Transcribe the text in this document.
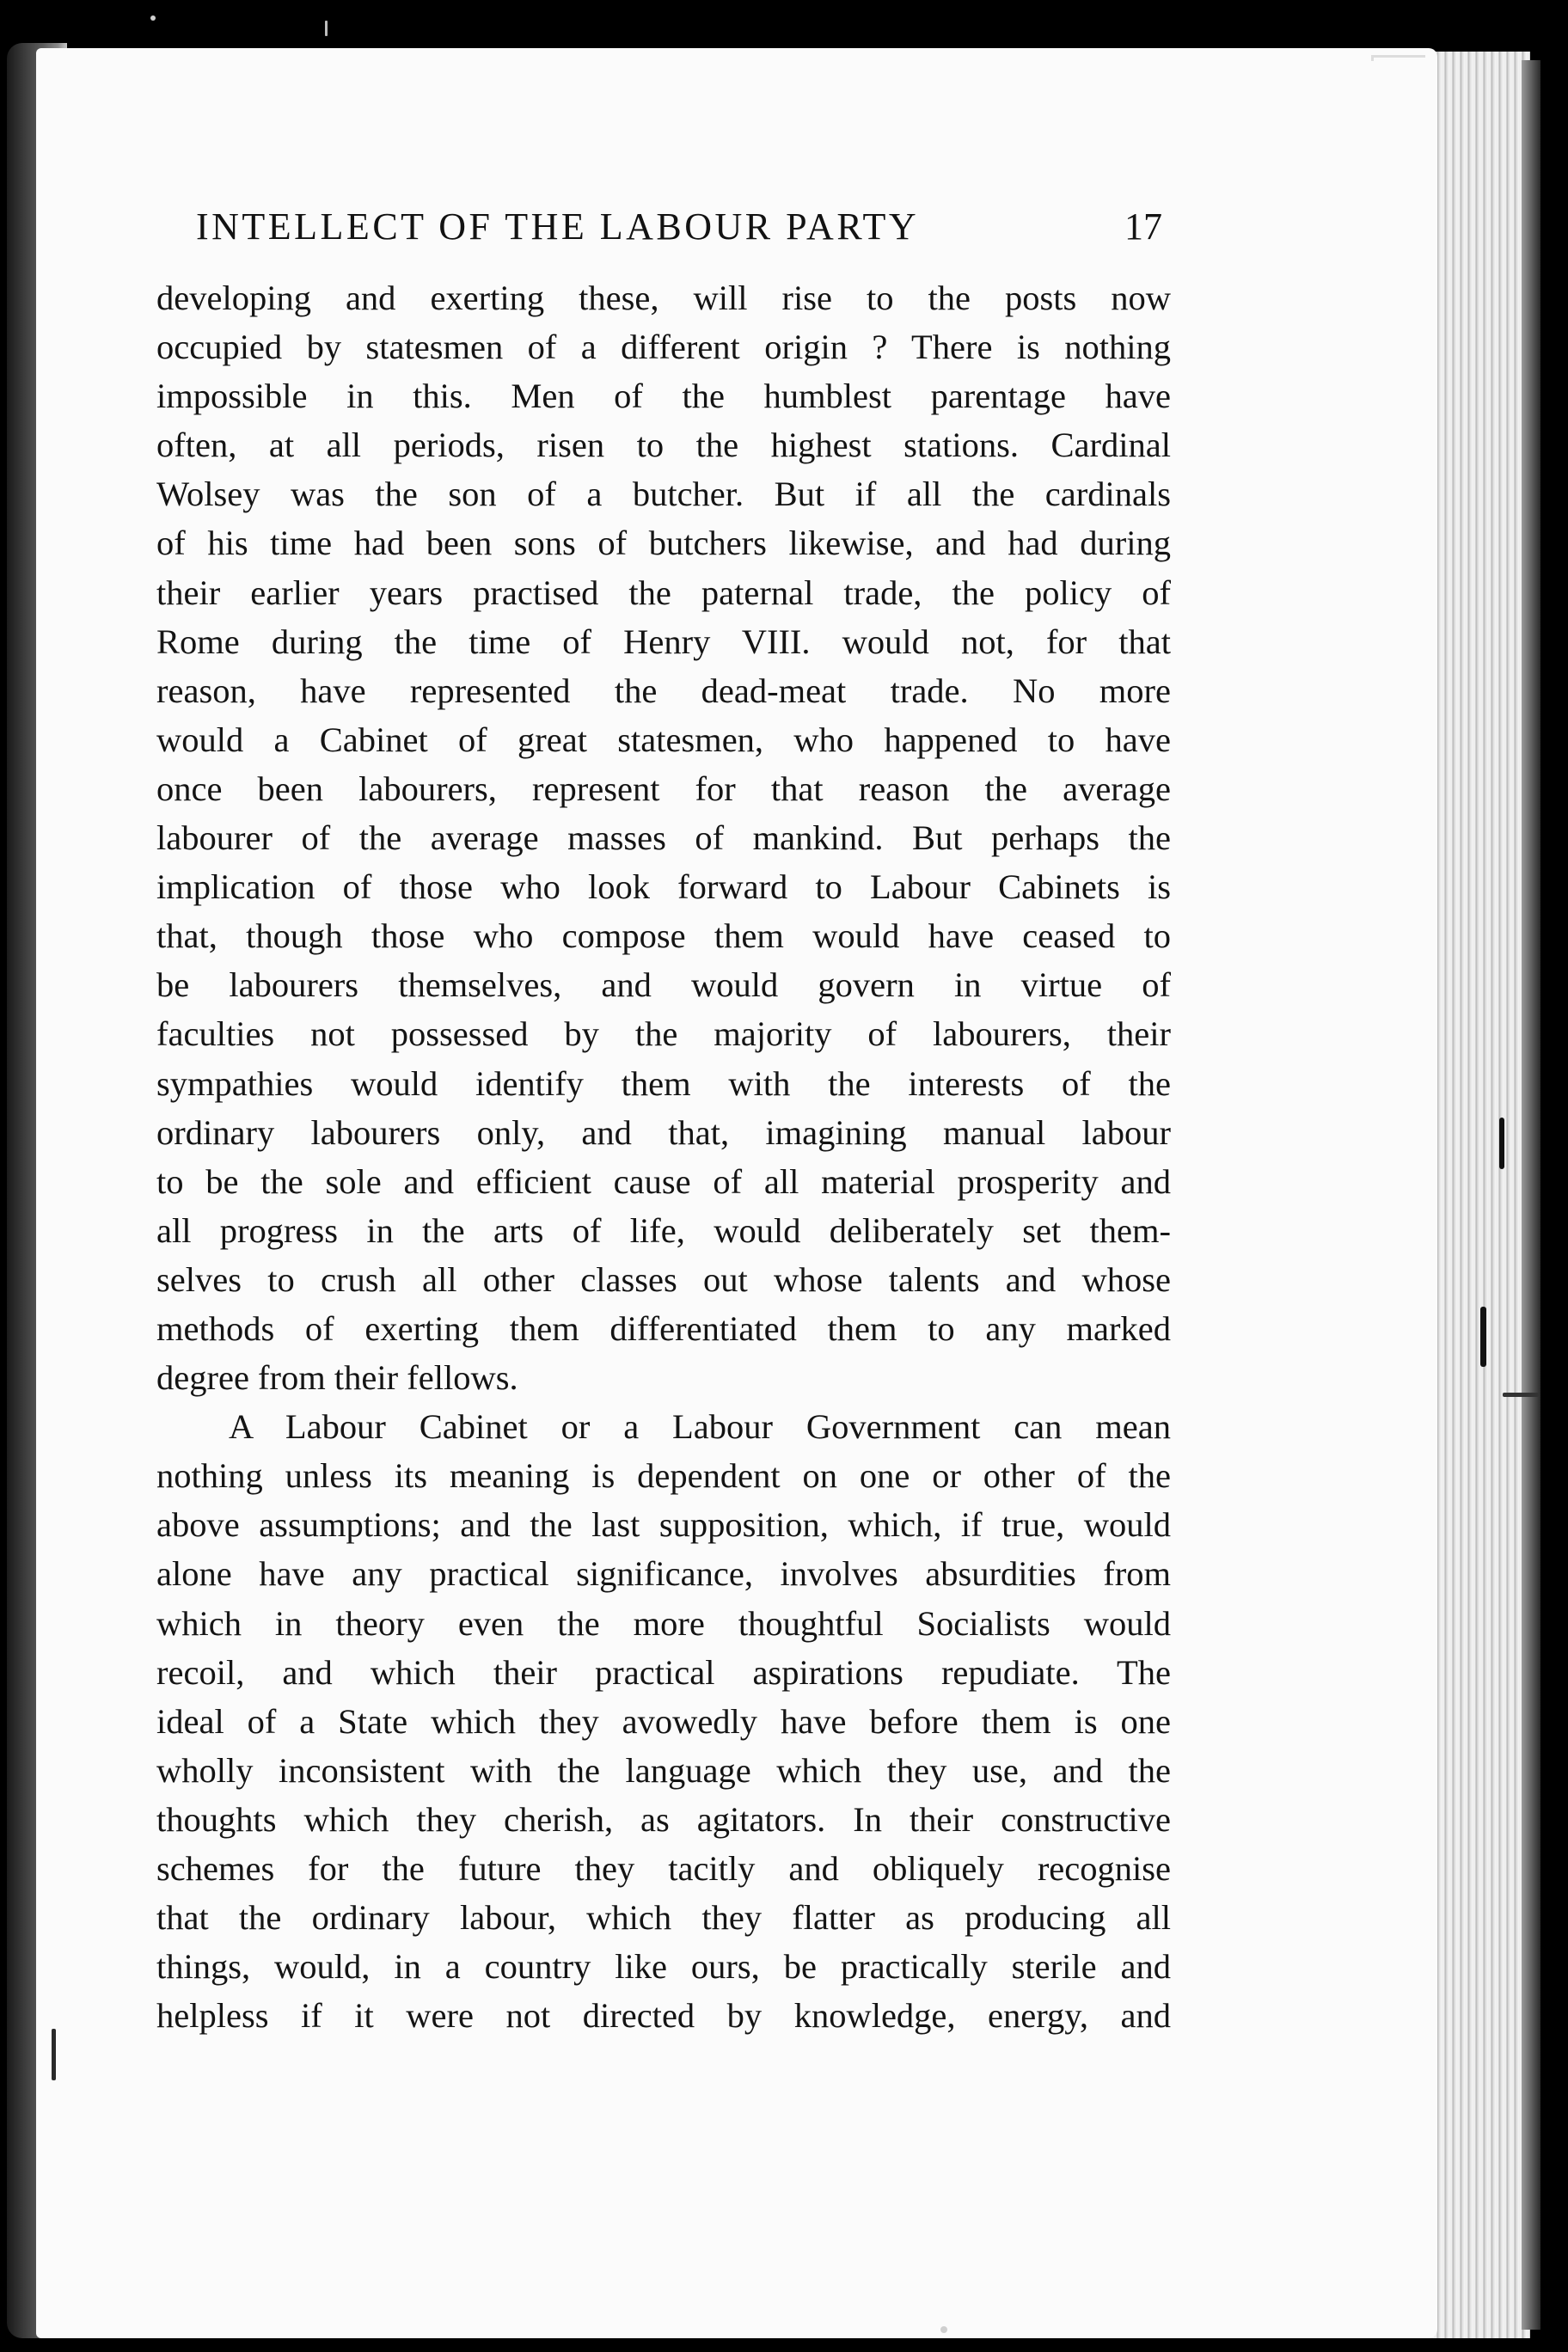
INTELLECT OF THE LABOUR PARTY	17
developing and exerting these, will rise to the posts now
occupied by statesmen of a different origin ? There is nothing
impossible in this. Men of the humblest parentage have
often, at all periods, risen to the highest stations. Cardinal
Wolsey was the son of a butcher. But if all the cardinals
of his time had been sons of butchers likewise, and had during
their earlier years practised the paternal trade, the policy of
Rome during the time of Henry VIII. would not, for that
reason, have represented the dead-meat trade. No more
would a Cabinet of great statesmen, who happened to have
once been labourers, represent for that reason the average
labourer of the average masses of mankind. But perhaps the
implication of those who look forward to Labour Cabinets is
that, though those who compose them would have ceased to
be labourers themselves, and would govern in virtue of
faculties not possessed by the majority of labourers, their
sympathies would identify them with the interests of the
ordinary labourers only, and that, imagining manual labour
to be the sole and efficient cause of all material prosperity and
all progress in the arts of life, would deliberately set them-
selves to crush all other classes out whose talents and whose
methods of exerting them differentiated them to any marked
degree from their fellows.
A Labour Cabinet or a Labour Government can mean
nothing unless its meaning is dependent on one or other of the
above assumptions; and the last supposition, which, if true, would
alone have any practical significance, involves absurdities from
which in theory even the more thoughtful Socialists would
recoil, and which their practical aspirations repudiate. The
ideal of a State which they avowedly have before them is one
wholly inconsistent with the language which they use, and the
thoughts which they cherish, as agitators. In their constructive
schemes for the future they tacitly and obliquely recognise
that the ordinary labour, which they flatter as producing all
things, would, in a country like ours, be practically sterile and
helpless if it were not directed by knowledge, energy, and
